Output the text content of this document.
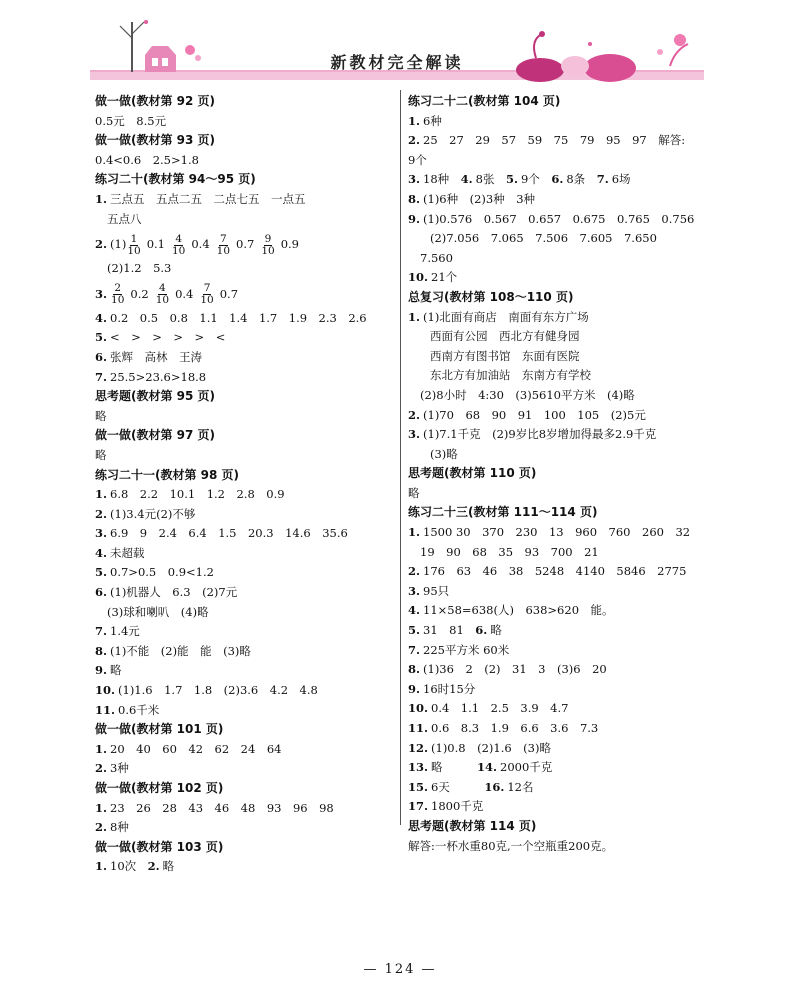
新教材完全解读
做一做(教材第 92 页)
0.5元　8.5元
做一做(教材第 93 页)
0.4<0.6　2.5>1.8
练习二十(教材第 94～95 页)
1. 三点五　五点二五　二点七五　一点五
五点八
2. $(1) \frac{1}{10} 0.1 \frac{4}{10} 0.4 \frac{7}{10} 0.7 \frac{9}{10} 0.9$
(2)1.2　5.3
3. $\frac{2}{10} 0.2 \frac{4}{10} 0.4 \frac{7}{10} 0.7$
4. 0.2　0.5　0.8　1.1　1.4　1.7　1.9　2.3　2.6
5. <　>　>　>　>　<
6. 张辉　高林　王涛
7. 25.5>23.6>18.8
思考题(教材第 95 页)
略
做一做(教材第 97 页)
略
练习二十一(教材第 98 页)
1. 6.8　2.2　10.1　1.2　2.8　0.9
2. (1)3.4元(2)不够
3. 6.9　9　2.4　6.4　1.5　20.3　14.6　35.6
4. 未超载
5. 0.7>0.5　0.9<1.2
6. (1)机器人　6.3　(2)7元
(3)球和喇叭　(4)略
7. 1.4元
8. (1)不能　(2)能　能　(3)略
9. 略
10. (1)1.6　1.7　1.8　(2)3.6　4.2　4.8
11. 0.6千米
做一做(教材第 101 页)
1. 20　40　60　42　62　24　64
2. 3种
做一做(教材第 102 页)
1. 23　26　28　43　46　48　93　96　98
2. 8种
做一做(教材第 103 页)
1. 10次　2. 略
练习二十二(教材第 104 页)
1. 6种
2. 25　27　29　57　59　75　79　95　97　解答:
9个
3. 18种　4. 8张　5. 9个　6. 8条　7. 6场
8. (1)6种　(2)3种　3种
9. (1)0.576　0.567　0.657　0.675　0.765　0.756
(2)7.056　7.065　7.506　7.605　7.650
7.560
10. 21个
总复习(教材第 108～110 页)
1. (1)北面有商店　南面有东方广场
西面有公园　西北方有健身园
西南方有图书馆　东面有医院
东北方有加油站　东南方有学校
(2)8小时　4:30　(3)5610平方米　(4)略
2. (1)70　68　90　91　100　105　(2)5元
3. (1)7.1千克　(2)9岁比8岁增加得最多2.9千克
(3)略
思考题(教材第 110 页)
略
练习二十三(教材第 111～114 页)
1. 1500 30　370　230　13　960　760　260　32
19　90　68　35　93　700　21
2. 176　63　46　38　5248　4140　5846　2775
3. 95只
4. 11×58=638(人)　638>620　能。
5. 31　81　6. 略
7. 225平方米 60米
8. (1)36　2　(2)　31　3　(3)6　20
9. 16时15分
10. 0.4　1.1　2.5　3.9　4.7
11. 0.6　8.3　1.9　6.6　3.6　7.3
12. (1)0.8　(2)1.6　(3)略
13. 略　　　14. 2000千克
15. 6天　　　16. 12名
17. 1800千克
思考题(教材第 114 页)
解答:一杯水重80克,一个空瓶重200克。
— 124 —
